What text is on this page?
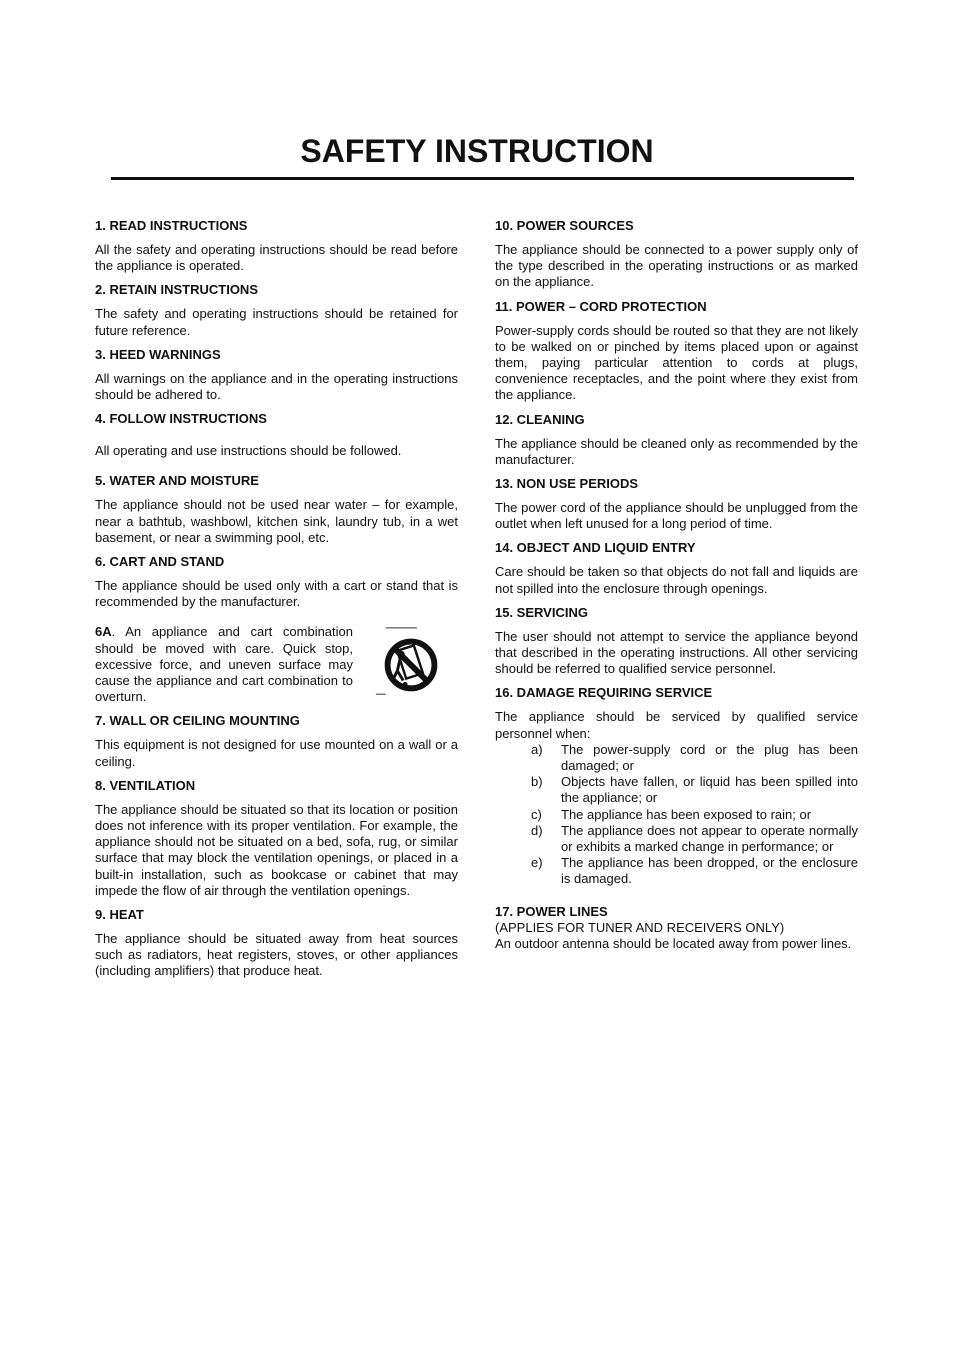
SAFETY INSTRUCTION
1. READ INSTRUCTIONS
All the safety and operating instructions should be read before the appliance is operated.
2. RETAIN INSTRUCTIONS
The safety and operating instructions should be retained for future reference.
3. HEED WARNINGS
All warnings on the appliance and in the operating instructions should be adhered to.
4. FOLLOW INSTRUCTIONS
All operating and use instructions should be followed.
5. WATER AND MOISTURE
The appliance should not be used near water – for example, near a bathtub, washbowl, kitchen sink, laundry tub, in a wet basement, or near a swimming pool, etc.
6. CART AND STAND
The appliance should be used only with a cart or stand that is recommended by the manufacturer.
6A. An appliance and cart combination should be moved with care. Quick stop, excessive force, and uneven surface may cause the appliance and cart combination to overturn.
7. WALL OR CEILING MOUNTING
This equipment is not designed for use mounted on a wall or a ceiling.
8. VENTILATION
The appliance should be situated so that its location or position does not inference with its proper ventilation. For example, the appliance should not be situated on a bed, sofa, rug, or similar surface that may block the ventilation openings, or placed in a built-in installation, such as bookcase or cabinet that may impede the flow of air through the ventilation openings.
9. HEAT
The appliance should be situated away from heat sources such as radiators, heat registers, stoves, or other appliances (including amplifiers) that produce heat.
10. POWER SOURCES
The appliance should be connected to a power supply only of the type described in the operating instructions or as marked on the appliance.
11. POWER – CORD PROTECTION
Power-supply cords should be routed so that they are not likely to be walked on or pinched by items placed upon or against them, paying particular attention to cords at plugs, convenience receptacles, and the point where they exist from the appliance.
12. CLEANING
The appliance should be cleaned only as recommended by the manufacturer.
13. NON USE PERIODS
The power cord of the appliance should be unplugged from the outlet when left unused for a long period of time.
14. OBJECT AND LIQUID ENTRY
Care should be taken so that objects do not fall and liquids are not spilled into the enclosure through openings.
15. SERVICING
The user should not attempt to service the appliance beyond that described in the operating instructions. All other servicing should be referred to qualified service personnel.
16. DAMAGE REQUIRING SERVICE
The appliance should be serviced by qualified service personnel when:
a)	The power-supply cord or the plug has been damaged; or
b)	Objects have fallen, or liquid has been spilled into the appliance; or
c)	The appliance has been exposed to rain; or
d)	The appliance does not appear to operate normally or exhibits a marked change in performance; or
e)	The appliance has been dropped, or the enclosure is damaged.
17. POWER LINES
(APPLIES FOR TUNER AND RECEIVERS ONLY)
An outdoor antenna should be located away from power lines.
